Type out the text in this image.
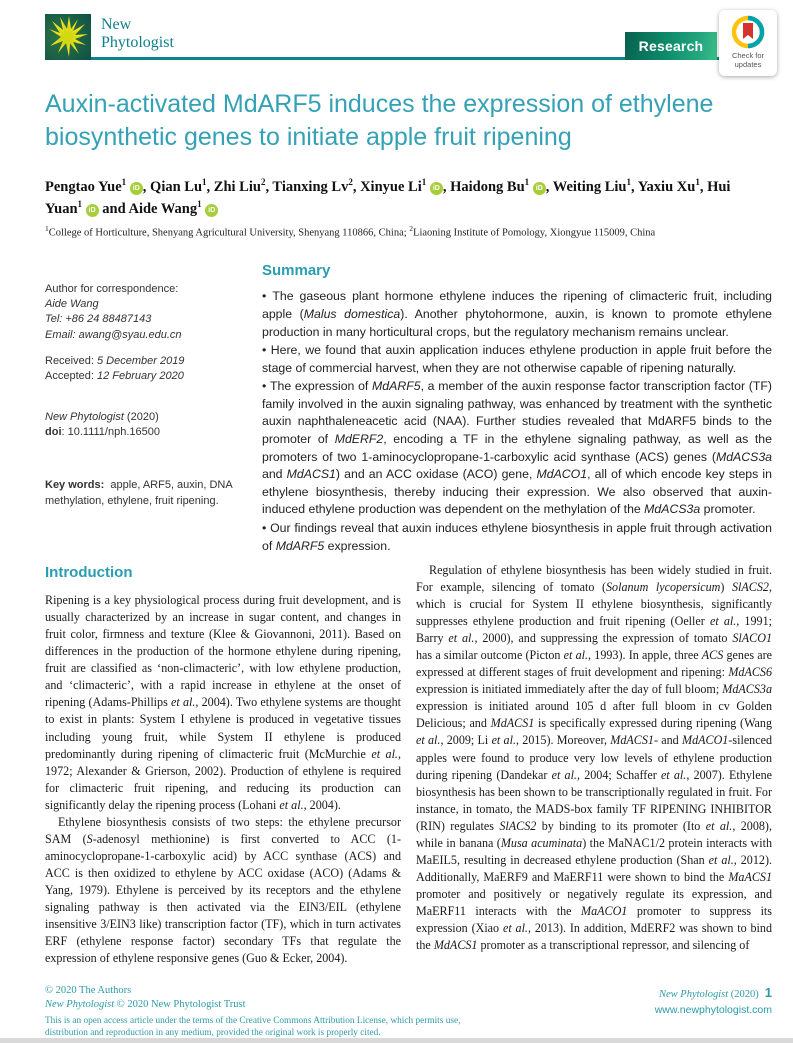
New
Phytologist	Research
Check for
updates
Auxin-activated MdARF5 induces the expression of ethylene biosynthetic genes to initiate apple fruit ripening
Pengtao Yue$^1$ iD , Qian Lu$^1$, Zhi Liu$^2$, Tianxing Lv$^2$, Xinyue Li$^1$ iD , Haidong Bu$^1$ iD , Weiting Liu$^1$, Yaxiu Xu$^1$, Hui Yuan$^1$ iD and Aide Wang$^1$ iD
$^1$College of Horticulture, Shenyang Agricultural University, Shenyang 110866, China; $^2$Liaoning Institute of Pomology, Xiongyue 115009, China
Author for correspondence:
Aide Wang
Tel: +86 24 88487143
Email: awang@syau.edu.cn
Received: 5 December 2019
Accepted: 12 February 2020
New Phytologist (2020)
doi: 10.1111/nph.16500
Key words:  apple, ARF5, auxin, DNA methylation, ethylene, fruit ripening.
Summary

• The gaseous plant hormone ethylene induces the ripening of climacteric fruit, including apple (Malus domestica). Another phytohormone, auxin, is known to promote ethylene production in many horticultural crops, but the regulatory mechanism remains unclear.

• Here, we found that auxin application induces ethylene production in apple fruit before the stage of commercial harvest, when they are not otherwise capable of ripening naturally.

• The expression of MdARF5, a member of the auxin response factor transcription factor (TF) family involved in the auxin signaling pathway, was enhanced by treatment with the synthetic auxin naphthaleneacetic acid (NAA). Further studies revealed that MdARF5 binds to the promoter of MdERF2, encoding a TF in the ethylene signaling pathway, as well as the promoters of two 1-aminocyclopropane-1-carboxylic acid synthase (ACS) genes (MdACS3a and MdACS1) and an ACC oxidase (ACO) gene, MdACO1, all of which encode key steps in ethylene biosynthesis, thereby inducing their expression. We also observed that auxin-induced ethylene production was dependent on the methylation of the MdACS3a promoter.

• Our findings reveal that auxin induces ethylene biosynthesis in apple fruit through activation of MdARF5 expression.

Introduction

Ripening is a key physiological process during fruit development, and is usually characterized by an increase in sugar content, and changes in fruit color, firmness and texture (Klee & Giovannoni, 2011). Based on differences in the production of the hormone ethylene during ripening, fruit are classified as ‘non-climacteric’, with low ethylene production, and ‘climacteric’, with a rapid increase in ethylene at the onset of ripening (Adams-Phillips et al., 2004). Two ethylene systems are thought to exist in plants: System I ethylene is produced in vegetative tissues including young fruit, while System II ethylene is produced predominantly during ripening of climacteric fruit (McMurchie et al., 1972; Alexander & Grierson, 2002). Production of ethylene is required for climacteric fruit ripening, and reducing its production can significantly delay the ripening process (Lohani et al., 2004).

Ethylene biosynthesis consists of two steps: the ethylene precursor SAM (S-adenosyl methionine) is first converted to ACC (1-aminocyclopropane-1-carboxylic acid) by ACC synthase (ACS) and ACC is then oxidized to ethylene by ACC oxidase (ACO) (Adams & Yang, 1979). Ethylene is perceived by its receptors and the ethylene signaling pathway is then activated via the EIN3/EIL (ethylene insensitive 3/EIN3 like) transcription factor (TF), which in turn activates ERF (ethylene response factor) secondary TFs that regulate the expression of ethylene responsive genes (Guo & Ecker, 2004).

Regulation of ethylene biosynthesis has been widely studied in fruit. For example, silencing of tomato (Solanum lycopersicum) SlACS2, which is crucial for System II ethylene biosynthesis, significantly suppresses ethylene production and fruit ripening (Oeller et al., 1991; Barry et al., 2000), and suppressing the expression of tomato SlACO1 has a similar outcome (Picton et al., 1993). In apple, three ACS genes are expressed at different stages of fruit development and ripening: MdACS6 expression is initiated immediately after the day of full bloom; MdACS3a expression is initiated around 105 d after full bloom in cv Golden Delicious; and MdACS1 is specifically expressed during ripening (Wang et al., 2009; Li et al., 2015). Moreover, MdACS1- and MdACO1-silenced apples were found to produce very low levels of ethylene production during ripening (Dandekar et al., 2004; Schaffer et al., 2007). Ethylene biosynthesis has been shown to be transcriptionally regulated in fruit. For instance, in tomato, the MADS-box family TF RIPENING INHIBITOR (RIN) regulates SlACS2 by binding to its promoter (Ito et al., 2008), while in banana (Musa acuminata) the MaNAC1/2 protein interacts with MaEIL5, resulting in decreased ethylene production (Shan et al., 2012). Additionally, MaERF9 and MaERF11 were shown to bind the MaACS1 promoter and positively or negatively regulate its expression, and MaERF11 interacts with the MaACO1 promoter to suppress its expression (Xiao et al., 2013). In addition, MdERF2 was shown to bind the MdACS1 promoter as a transcriptional repressor, and silencing of

© 2020 The Authors
New Phytologist © 2020 New Phytologist Trust
This is an open access article under the terms of the Creative Commons Attribution License, which permits use,
distribution and reproduction in any medium, provided the original work is properly cited.
New Phytologist (2020) 1
www.newphytologist.com
